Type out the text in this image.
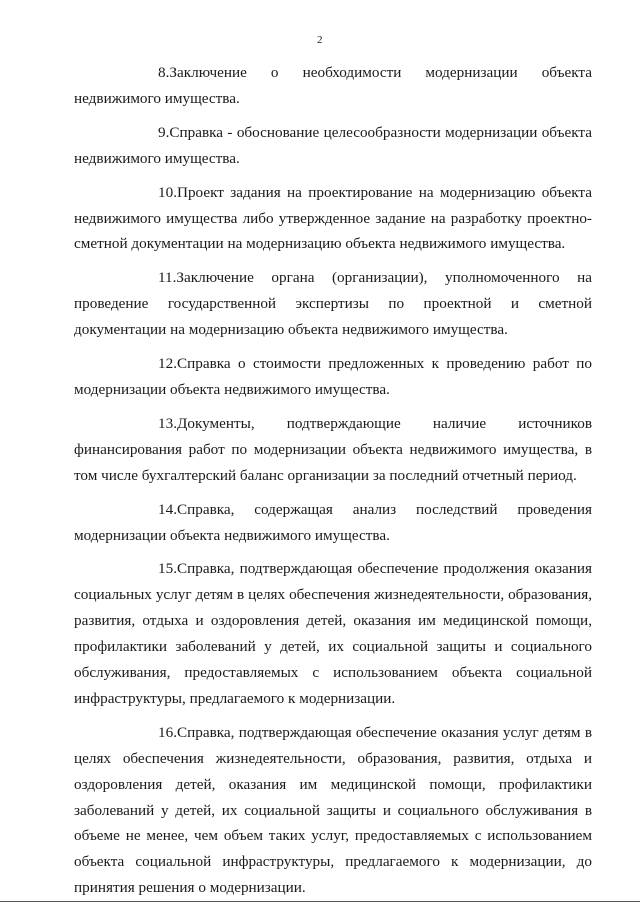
2

8.Заключение о необходимости модернизации объекта недвижимого имущества.

9.Справка - обоснование целесообразности модернизации объекта недвижимого имущества.

10.Проект задания на проектирование на модернизацию объекта недвижимого имущества либо утвержденное задание на разработку проектно-сметной документации на модернизацию объекта недвижимого имущества.

11.Заключение органа (организации), уполномоченного на проведение государственной экспертизы по проектной и сметной документации на модернизацию объекта недвижимого имущества.

12.Справка о стоимости предложенных к проведению работ по модернизации объекта недвижимого имущества.

13.Документы, подтверждающие наличие источников финансирования работ по модернизации объекта недвижимого имущества, в том числе бухгалтерский баланс организации за последний отчетный период.

14.Справка, содержащая анализ последствий проведения модернизации объекта недвижимого имущества.

15.Справка, подтверждающая обеспечение продолжения оказания социальных услуг детям в целях обеспечения жизнедеятельности, образования, развития, отдыха и оздоровления детей, оказания им медицинской помощи, профилактики заболеваний у детей, их социальной защиты и социального обслуживания, предоставляемых с использованием объекта социальной инфраструктуры, предлагаемого к модернизации.

16.Справка, подтверждающая обеспечение оказания услуг детям в целях обеспечения жизнедеятельности, образования, развития, отдыха и оздоровления детей, оказания им медицинской помощи, профилактики заболеваний у детей, их социальной защиты и социального обслуживания в объеме не менее, чем объем таких услуг, предоставляемых с использованием объекта социальной инфраструктуры, предлагаемого к модернизации, до принятия решения о модернизации.
